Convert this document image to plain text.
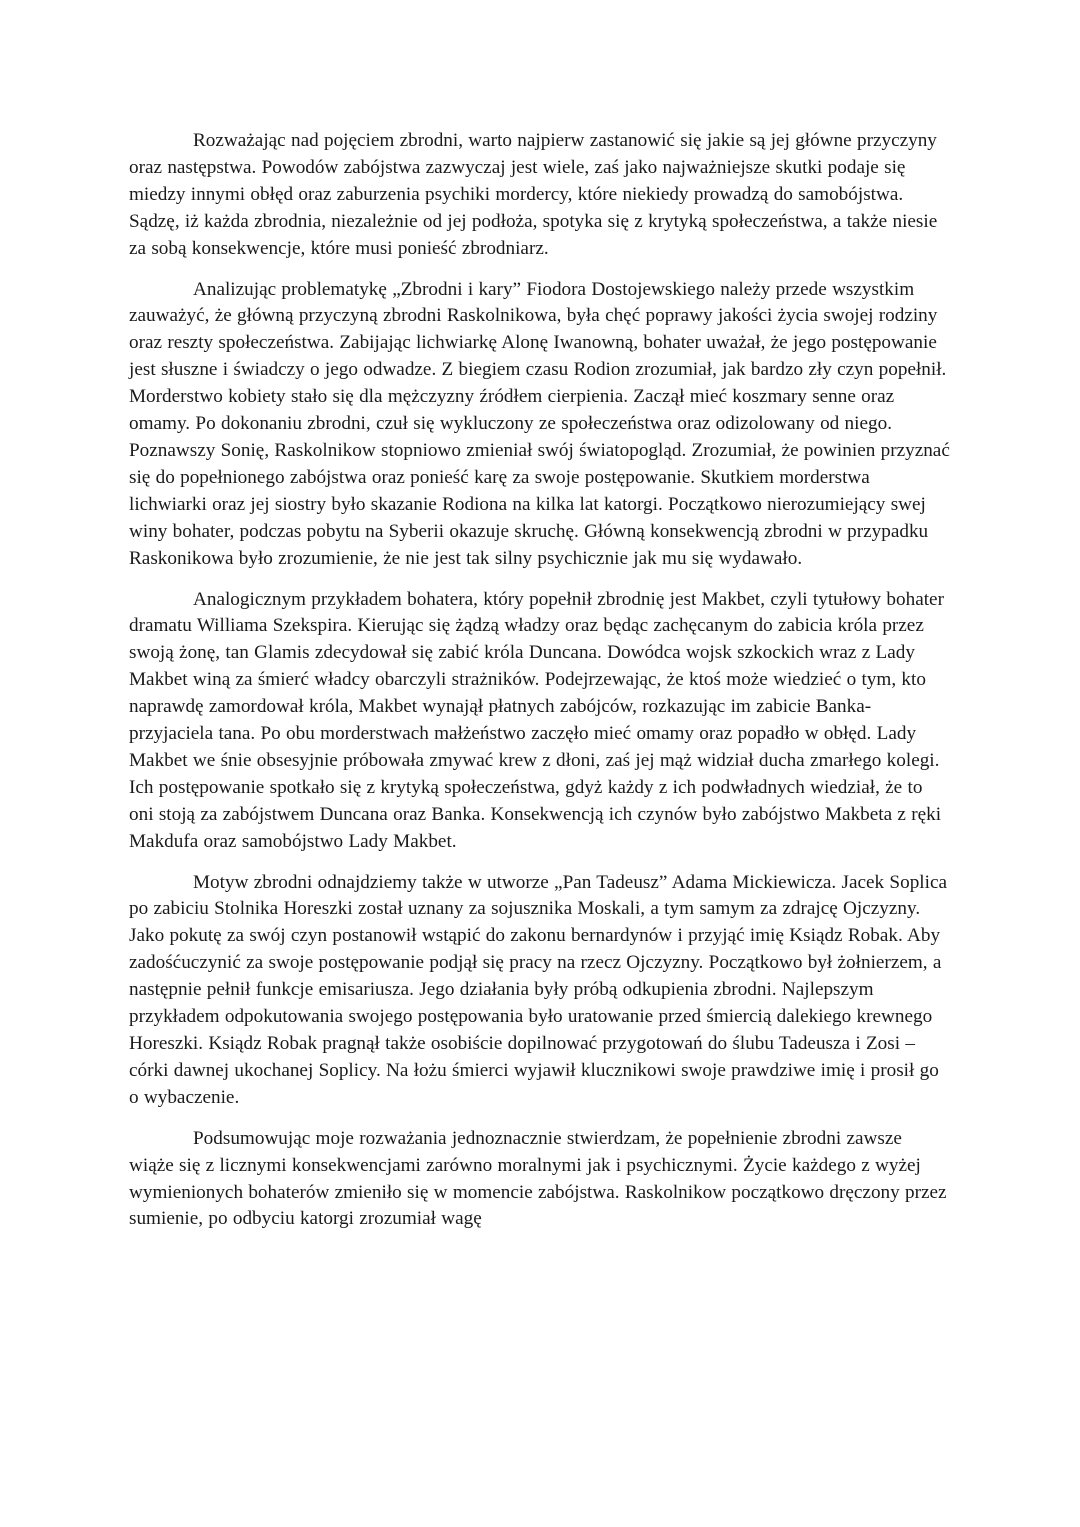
Rozważając nad pojęciem zbrodni, warto najpierw zastanowić się jakie są jej główne przyczyny oraz następstwa. Powodów zabójstwa zazwyczaj jest wiele, zaś jako najważniejsze skutki podaje się miedzy innymi obłęd oraz zaburzenia psychiki mordercy, które niekiedy prowadzą do samobójstwa. Sądzę, iż każda zbrodnia, niezależnie od jej podłoża, spotyka się z krytyką społeczeństwa, a także niesie za sobą konsekwencje, które musi ponieść zbrodniarz.

Analizując problematykę „Zbrodni i kary” Fiodora Dostojewskiego należy przede wszystkim zauważyć, że główną przyczyną zbrodni Raskolnikowa, była chęć poprawy jakości życia swojej rodziny oraz reszty społeczeństwa. Zabijając lichwiarkę Alonę Iwanowną, bohater uważał, że jego postępowanie jest słuszne i świadczy o jego odwadze. Z biegiem czasu Rodion zrozumiał, jak bardzo zły czyn popełnił. Morderstwo kobiety stało się dla mężczyzny źródłem cierpienia. Zaczął mieć koszmary senne oraz omamy. Po dokonaniu zbrodni, czuł się wykluczony ze społeczeństwa oraz odizolowany od niego. Poznawszy Sonię, Raskolnikow stopniowo zmieniał swój światopogląd. Zrozumiał, że powinien przyznać się do popełnionego zabójstwa oraz ponieść karę za swoje postępowanie. Skutkiem morderstwa lichwiarki oraz jej siostry było skazanie Rodiona na kilka lat katorgi. Początkowo nierozumiejący swej winy bohater, podczas pobytu na Syberii okazuje skruchę. Główną konsekwencją zbrodni w przypadku Raskonikowa było zrozumienie, że nie jest tak silny psychicznie jak mu się wydawało.

Analogicznym przykładem bohatera, który popełnił zbrodnię jest Makbet, czyli tytułowy bohater dramatu Williama Szekspira. Kierując się żądzą władzy oraz będąc zachęcanym do zabicia króla przez swoją żonę, tan Glamis zdecydował się zabić króla Duncana. Dowódca wojsk szkockich wraz z Lady Makbet winą za śmierć władcy obarczyli strażników. Podejrzewając, że ktoś może wiedzieć o tym, kto naprawdę zamordował króla, Makbet wynajął płatnych zabójców, rozkazując im zabicie Banka-przyjaciela tana. Po obu morderstwach małżeństwo zaczęło mieć omamy oraz popadło w obłęd. Lady Makbet we śnie obsesyjnie próbowała zmywać krew z dłoni, zaś jej mąż widział ducha zmarłego kolegi. Ich postępowanie spotkało się z krytyką społeczeństwa, gdyż każdy z ich podwładnych wiedział, że to oni stoją za zabójstwem Duncana oraz Banka. Konsekwencją ich czynów było zabójstwo Makbeta z ręki Makdufa oraz samobójstwo Lady Makbet.

Motyw zbrodni odnajdziemy także w utworze „Pan Tadeusz” Adama Mickiewicza. Jacek Soplica po zabiciu Stolnika Horeszki został uznany za sojusznika Moskali, a tym samym za zdrajcę Ojczyzny. Jako pokutę za swój czyn postanowił wstąpić do zakonu bernardynów i przyjąć imię Ksiądz Robak. Aby zadośćuczynić za swoje postępowanie podjął się pracy na rzecz Ojczyzny. Początkowo był żołnierzem, a następnie pełnił funkcje emisariusza. Jego działania były próbą odkupienia zbrodni. Najlepszym przykładem odpokutowania swojego postępowania było uratowanie przed śmiercią dalekiego krewnego Horeszki. Ksiądz Robak pragnął także osobiście dopilnować przygotowań do ślubu Tadeusza i Zosi – córki dawnej ukochanej Soplicy. Na łożu śmierci wyjawił klucznikowi swoje prawdziwe imię i prosił go o wybaczenie.

Podsumowując moje rozważania jednoznacznie stwierdzam, że popełnienie zbrodni zawsze wiąże się z licznymi konsekwencjami zarówno moralnymi jak i psychicznymi. Życie każdego z wyżej wymienionych bohaterów zmieniło się w momencie zabójstwa. Raskolnikow początkowo dręczony przez sumienie, po odbyciu katorgi zrozumiał wagę
